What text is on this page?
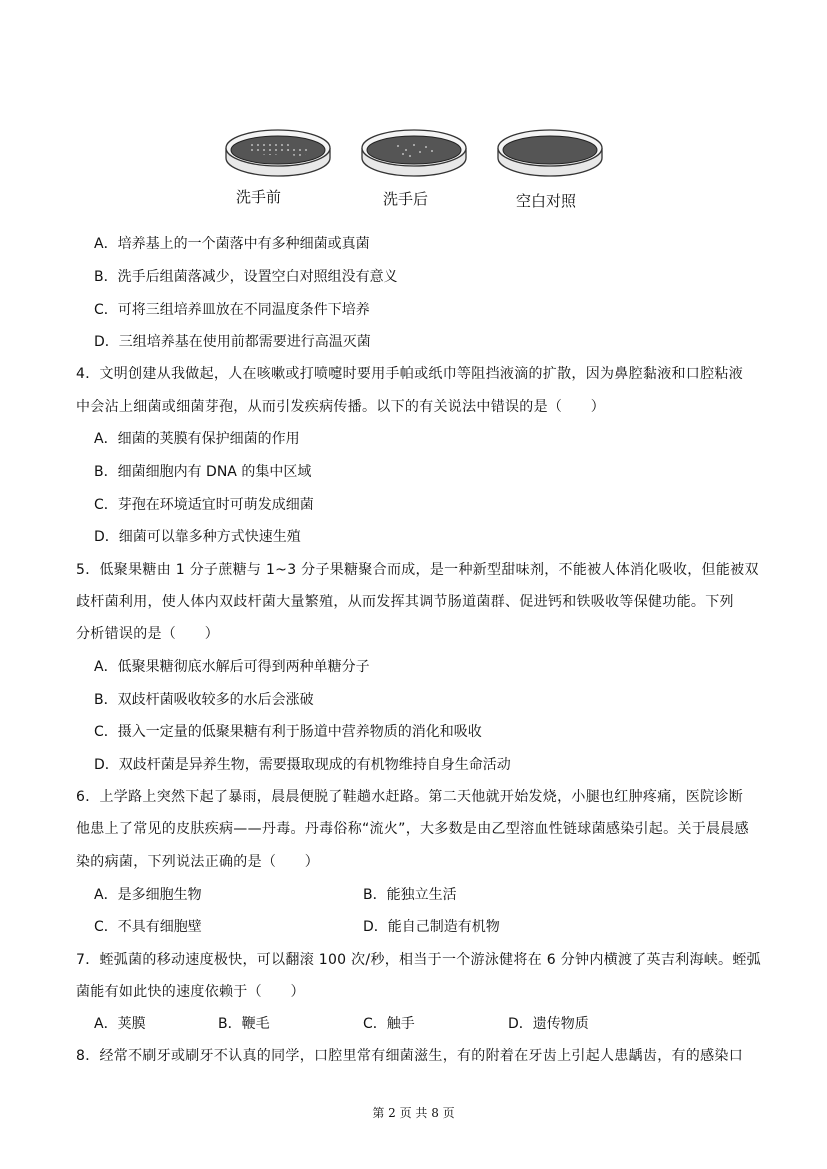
洗手前	洗手后	空白对照
A．培养基上的一个菌落中有多种细菌或真菌
B．洗手后组菌落减少，设置空白对照组没有意义
C．可将三组培养皿放在不同温度条件下培养
D．三组培养基在使用前都需要进行高温灭菌
4．文明创建从我做起，人在咳嗽或打喷嚏时要用手帕或纸巾等阻挡液滴的扩散，因为鼻腔黏液和口腔粘液
中会沾上细菌或细菌芽孢，从而引发疾病传播。以下的有关说法中错误的是（　　）
A．细菌的荚膜有保护细菌的作用
B．细菌细胞内有 DNA 的集中区域
C．芽孢在环境适宜时可萌发成细菌
D．细菌可以靠多种方式快速生殖
5．低聚果糖由 1 分子蔗糖与 1~3 分子果糖聚合而成，是一种新型甜味剂，不能被人体消化吸收，但能被双
歧杆菌利用，使人体内双歧杆菌大量繁殖，从而发挥其调节肠道菌群、促进钙和铁吸收等保健功能。下列
分析错误的是（　　）
A．低聚果糖彻底水解后可得到两种单糖分子
B．双歧杆菌吸收较多的水后会涨破
C．摄入一定量的低聚果糖有利于肠道中营养物质的消化和吸收
D．双歧杆菌是异养生物，需要摄取现成的有机物维持自身生命活动
6．上学路上突然下起了暴雨，晨晨便脱了鞋趟水赶路。第二天他就开始发烧，小腿也红肿疼痛，医院诊断
他患上了常见的皮肤疾病——丹毒。丹毒俗称“流火”，大多数是由乙型溶血性链球菌感染引起。关于晨晨感
染的病菌，下列说法正确的是（　　）
A．是多细胞生物	B．能独立生活
C．不具有细胞壁	D．能自己制造有机物
7．蛭弧菌的移动速度极快，可以翻滚 100 次/秒，相当于一个游泳健将在 6 分钟内横渡了英吉利海峡。蛭弧
菌能有如此快的速度依赖于（　　）
A．荚膜	B．鞭毛	C．触手	D．遗传物质
8．经常不刷牙或刷牙不认真的同学，口腔里常有细菌滋生，有的附着在牙齿上引起人患龋齿，有的感染口
第 2 页 共 8 页
